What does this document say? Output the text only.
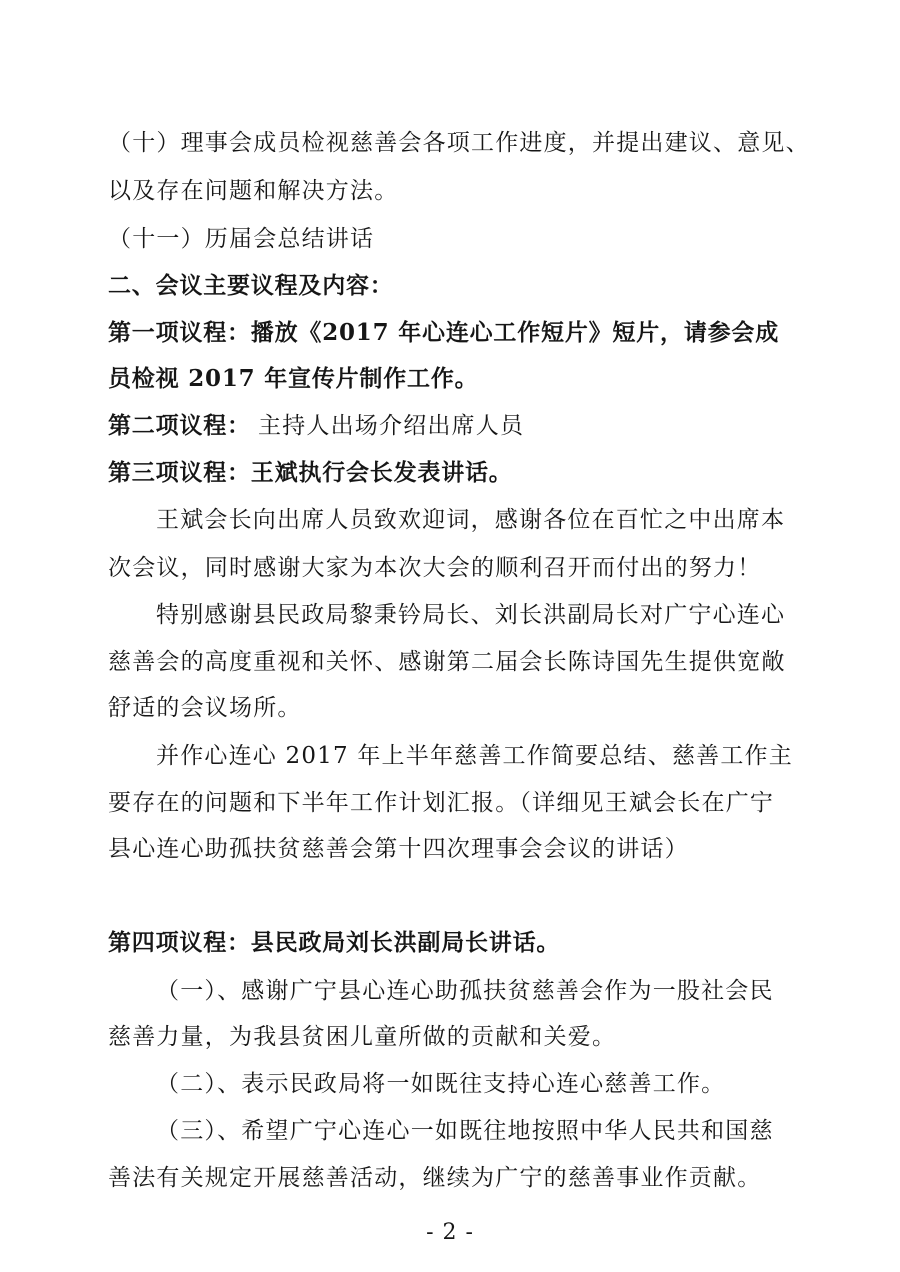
（十）理事会成员检视慈善会各项工作进度，并提出建议、意见、
以及存在问题和解决方法。
（十一）历届会总结讲话
二、会议主要议程及内容：
第一项议程：播放《2017 年心连心工作短片》短片，请参会成
员检视 2017 年宣传片制作工作。
第二项议程： 主持人出场介绍出席人员
第三项议程：王斌执行会长发表讲话。
王斌会长向出席人员致欢迎词，感谢各位在百忙之中出席本
次会议，同时感谢大家为本次大会的顺利召开而付出的努力！
特别感谢县民政局黎秉钤局长、刘长洪副局长对广宁心连心
慈善会的高度重视和关怀、感谢第二届会长陈诗国先生提供宽敞
舒适的会议场所。
并作心连心 2017 年上半年慈善工作简要总结、慈善工作主
要存在的问题和下半年工作计划汇报。（详细见王斌会长在广宁
县心连心助孤扶贫慈善会第十四次理事会会议的讲话）
第四项议程：县民政局刘长洪副局长讲话。
（一）、感谢广宁县心连心助孤扶贫慈善会作为一股社会民
慈善力量，为我县贫困儿童所做的贡献和关爱。
（二）、表示民政局将一如既往支持心连心慈善工作。
（三）、希望广宁心连心一如既往地按照中华人民共和国慈
善法有关规定开展慈善活动，继续为广宁的慈善事业作贡献。
- 2 -
